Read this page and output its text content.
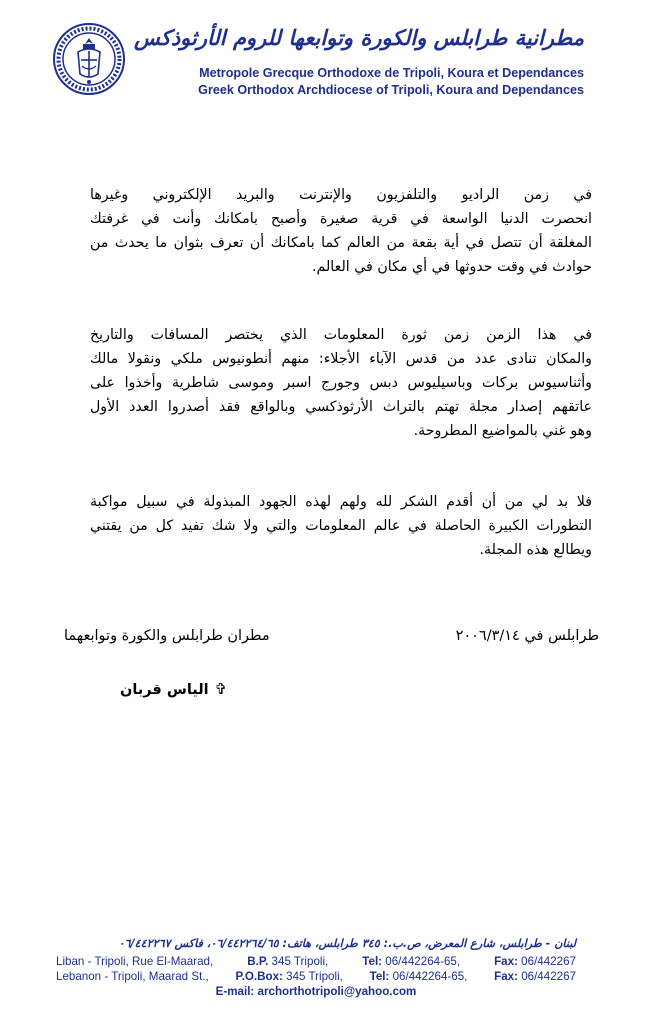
مطرانية طرابلس والكورة وتوابعها للروم الأرثوذكس
Metropole Grecque Orthodoxe de Tripoli, Koura et Dependances
Greek Orthodox Archdiocese of Tripoli, Koura and Dependances
في زمن الراديو والتلفزيون والإنترنت والبريد الإلكتروني وغيرها
انحصرت الدنيا الواسعة في قرية صغيرة وأصبح بامكانك وأنت في غرفتك
المغلقة أن تتصل في أية بقعة من العالم كما بامكانك أن تعرف بثوان ما يحدث من
حوادث في وقت حدوثها في أي مكان في العالم.
في هذا الزمن زمن ثورة المعلومات الذي يختصر المسافات والتاريخ
والمكان تنادى عدد من قدس الآباء الأجلاء: منهم أنطونيوس ملكي ونقولا مالك
وأثناسيوس بركات وباسيليوس دبس وجورج اسبر وموسى شاطرية وأخذوا على
عاتقهم إصدار مجلة تهتم بالتراث الأرثوذكسي وبالواقع فقد أصدروا العدد الأول
وهو غني بالمواضيع المطروحة.
فلا بد لي من أن أقدم الشكر لله ولهم لهذه الجهود المبذولة في سبيل مواكبة
التطورات الكبيرة الحاصلة في عالم المعلومات والتي ولا شك تفيد كل من يقتني
ويطالع هذه المجلة.
طرابلس في ٢٠٠٦/٣/١٤
مطران طرابلس والكورة وتوابعهما
✞الياس قربان
لبنان - طرابلس، شارع المعرض، ص.ب.: ٣٤٥ طرابلس، هاتف: ٠٦/٤٤٢٢٦٤/٦٥، فاكس ٠٦/٤٤٢٢٦٧
Liban - Tripoli, Rue El-Maarad,	B.P. 345 Tripoli,	Tel: 06/442264-65,	Fax: 06/442267
Lebanon - Tripoli, Maarad St., P.O.Box: 345 Tripoli, Tel: 06/442264-65, Fax: 06/442267
E-mail: archorthotripoli@yahoo.com
